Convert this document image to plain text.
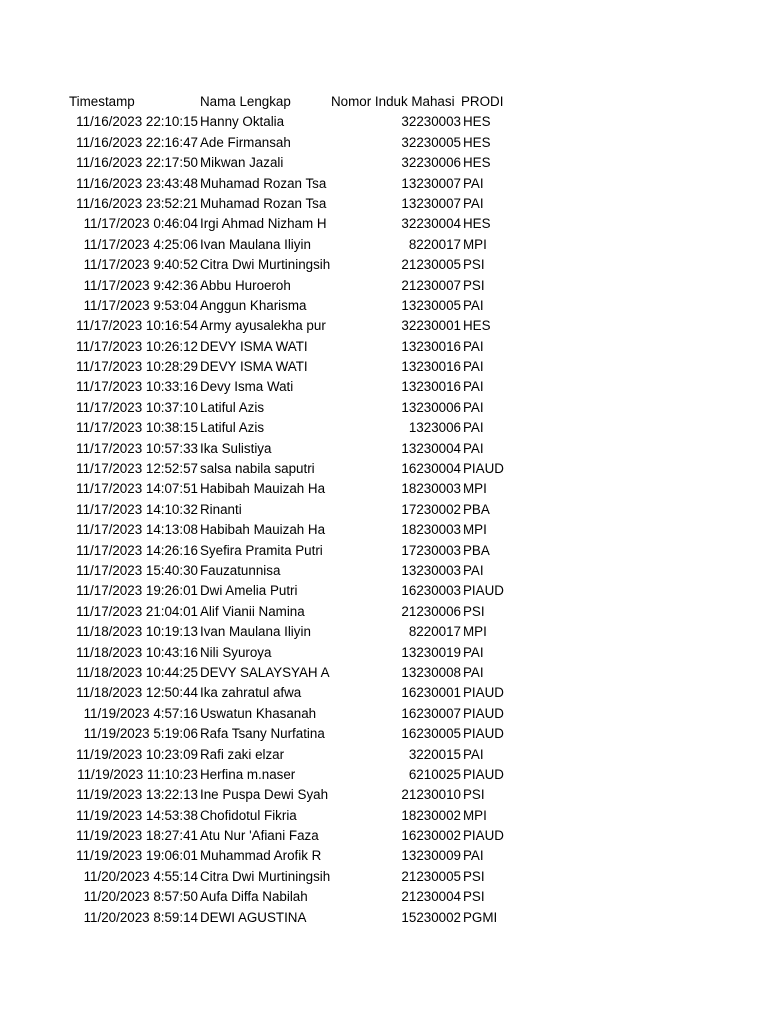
Timestamp	Nama Lengkap	Nomor Induk Mahasi PRODI
11/16/2023 22:10:15 Hanny Oktalia	32230003 HES
11/16/2023 22:16:47 Ade Firmansah	32230005 HES
11/16/2023 22:17:50 Mikwan Jazali	32230006 HES
11/16/2023 23:43:48 Muhamad Rozan Tsa	13230007 PAI
11/16/2023 23:52:21 Muhamad Rozan Tsa	13230007 PAI
11/17/2023 0:46:04 Irgi Ahmad Nizham H	32230004 HES
11/17/2023 4:25:06 Ivan Maulana Iliyin	8220017 MPI
11/17/2023 9:40:52 Citra Dwi Murtiningsih	21230005 PSI
11/17/2023 9:42:36 Abbu Huroeroh	21230007 PSI
11/17/2023 9:53:04 Anggun Kharisma	13230005 PAI
11/17/2023 10:16:54 Army ayusalekha pur	32230001 HES
11/17/2023 10:26:12 DEVY ISMA WATI	13230016 PAI
11/17/2023 10:28:29 DEVY ISMA WATI	13230016 PAI
11/17/2023 10:33:16 Devy Isma Wati	13230016 PAI
11/17/2023 10:37:10 Latiful Azis	13230006 PAI
11/17/2023 10:38:15 Latiful Azis	1323006 PAI
11/17/2023 10:57:33 Ika Sulistiya	13230004 PAI
11/17/2023 12:52:57 salsa nabila saputri	16230004 PIAUD
11/17/2023 14:07:51 Habibah Mauizah Ha	18230003 MPI
11/17/2023 14:10:32 Rinanti	17230002 PBA
11/17/2023 14:13:08 Habibah Mauizah Ha	18230003 MPI
11/17/2023 14:26:16 Syefira Pramita Putri	17230003 PBA
11/17/2023 15:40:30 Fauzatunnisa	13230003 PAI
11/17/2023 19:26:01 Dwi Amelia Putri	16230003 PIAUD
11/17/2023 21:04:01 Alif Vianii Namina	21230006 PSI
11/18/2023 10:19:13 Ivan Maulana Iliyin	8220017 MPI
11/18/2023 10:43:16 Nili Syuroya	13230019 PAI
11/18/2023 10:44:25 DEVY SALAYSYAH A	13230008 PAI
11/18/2023 12:50:44 Ika zahratul afwa	16230001 PIAUD
11/19/2023 4:57:16 Uswatun Khasanah	16230007 PIAUD
11/19/2023 5:19:06 Rafa Tsany Nurfatina	16230005 PIAUD
11/19/2023 10:23:09 Rafi zaki elzar	3220015 PAI
11/19/2023 11:10:23 Herfina m.naser	6210025 PIAUD
11/19/2023 13:22:13 Ine Puspa Dewi Syah	21230010 PSI
11/19/2023 14:53:38 Chofidotul Fikria	18230002 MPI
11/19/2023 18:27:41 Atu Nur 'Afiani Faza	16230002 PIAUD
11/19/2023 19:06:01 Muhammad Arofik R	13230009 PAI
11/20/2023 4:55:14 Citra Dwi Murtiningsih	21230005 PSI
11/20/2023 8:57:50 Aufa Diffa Nabilah	21230004 PSI
11/20/2023 8:59:14 DEWI AGUSTINA	15230002 PGMI
